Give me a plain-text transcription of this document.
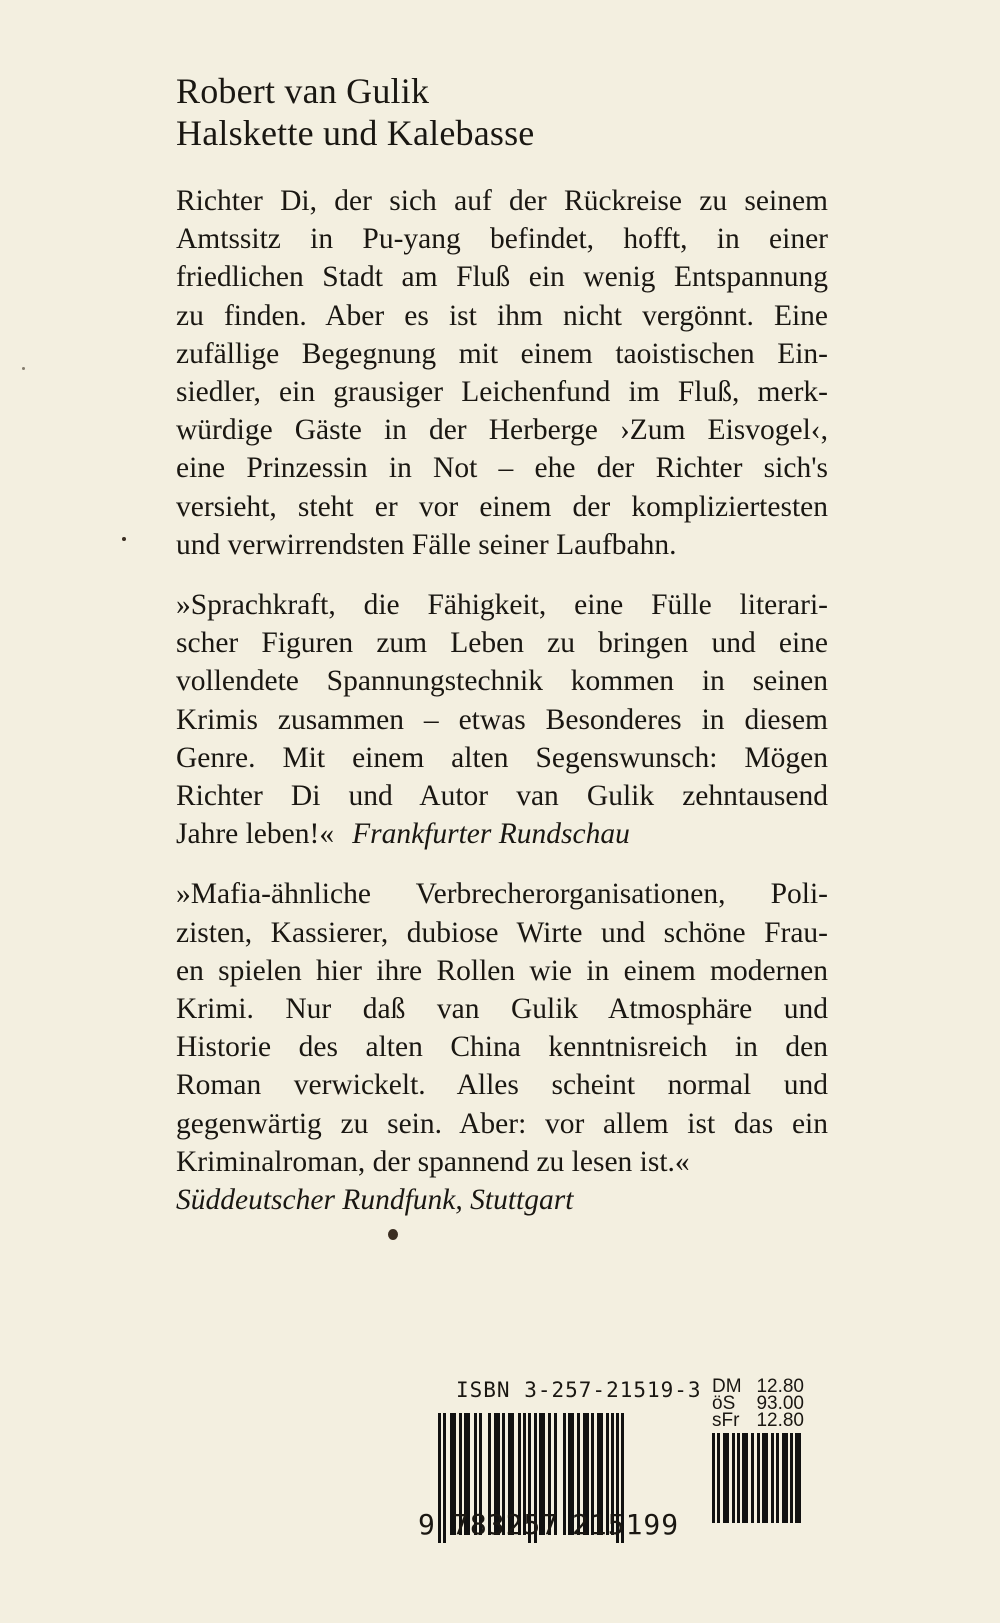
Robert van Gulik
Halskette und Kalebasse
Richter Di, der sich auf der Rückreise zu seinem
Amtssitz in Pu-yang befindet, hofft, in einer
friedlichen Stadt am Fluß ein wenig Entspannung
zu finden. Aber es ist ihm nicht vergönnt. Eine
zufällige Begegnung mit einem taoistischen Ein-
siedler, ein grausiger Leichenfund im Fluß, merk-
würdige Gäste in der Herberge ›Zum Eisvogel‹,
eine Prinzessin in Not – ehe der Richter sich's
versieht, steht er vor einem der kompliziertesten
und verwirrendsten Fälle seiner Laufbahn.
»Sprachkraft, die Fähigkeit, eine Fülle literari-
scher Figuren zum Leben zu bringen und eine
vollendete Spannungstechnik kommen in seinen
Krimis zusammen – etwas Besonderes in diesem
Genre. Mit einem alten Segenswunsch: Mögen
Richter Di und Autor van Gulik zehntausend
Jahre leben!« Frankfurter Rundschau
»Mafia-ähnliche Verbrecherorganisationen, Poli-
zisten, Kassierer, dubiose Wirte und schöne Frau-
en spielen hier ihre Rollen wie in einem modernen
Krimi. Nur daß van Gulik Atmosphäre und
Historie des alten China kenntnisreich in den
Roman verwickelt. Alles scheint normal und
gegenwärtig zu sein. Aber: vor allem ist das ein
Kriminalroman, der spannend zu lesen ist.«
Süddeutscher Rundfunk, Stuttgart
ISBN 3-257-21519-3
9 783257 215199
DM 12.80
öS 93.00
sFr 12.80
